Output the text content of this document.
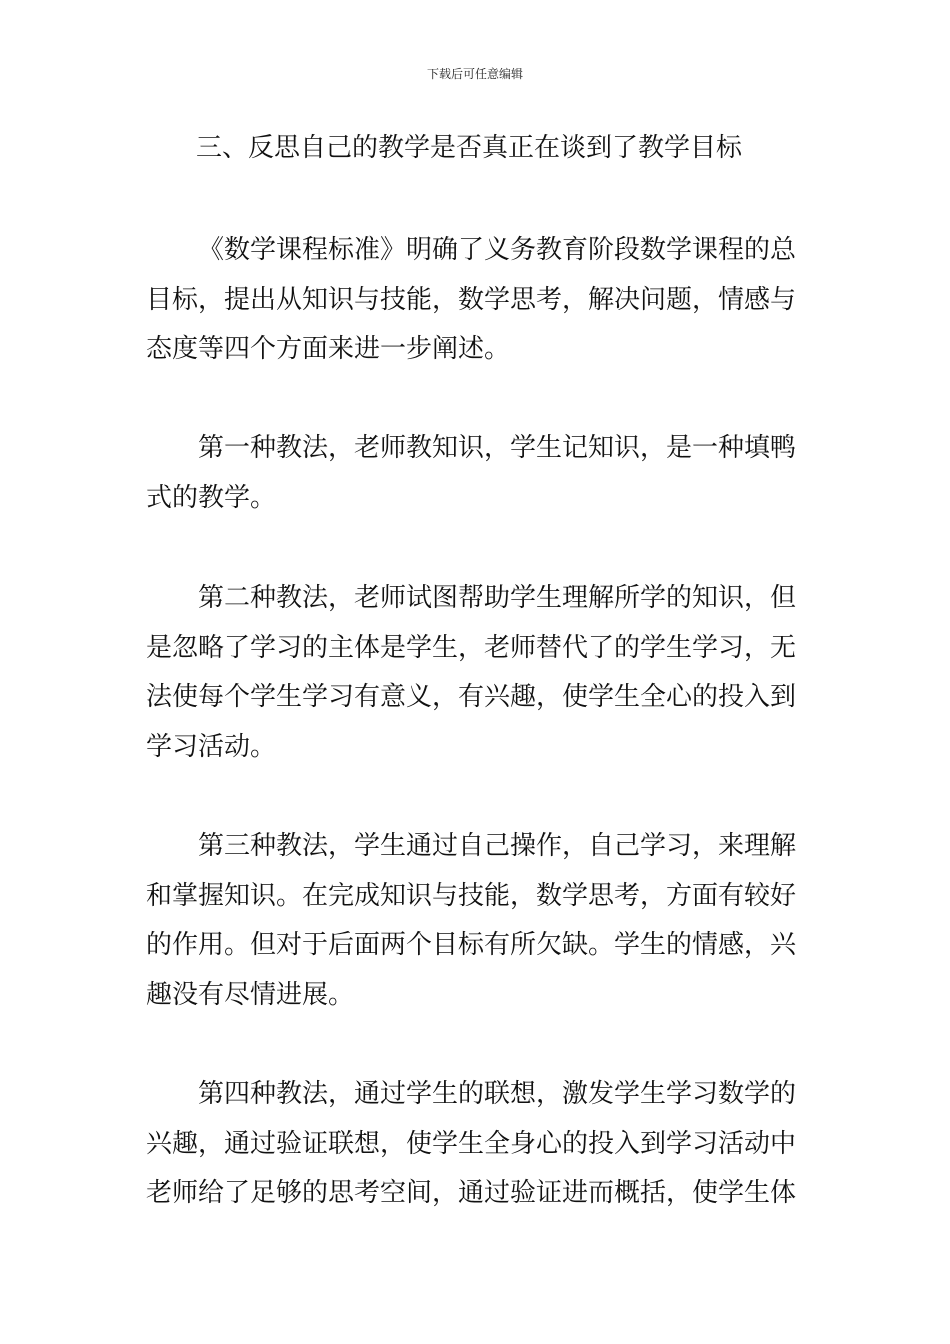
下载后可任意编辑
三、反思自己的教学是否真正在谈到了教学目标
《数学课程标准》明确了义务教育阶段数学课程的总
目标，提出从知识与技能，数学思考，解决问题，情感与
态度等四个方面来进一步阐述。
第一种教法，老师教知识，学生记知识，是一种填鸭
式的教学。
第二种教法，老师试图帮助学生理解所学的知识，但
是忽略了学习的主体是学生，老师替代了的学生学习，无
法使每个学生学习有意义，有兴趣，使学生全心的投入到
学习活动。
第三种教法，学生通过自己操作，自己学习，来理解
和掌握知识。在完成知识与技能，数学思考，方面有较好
的作用。但对于后面两个目标有所欠缺。学生的情感，兴
趣没有尽情进展。
第四种教法，通过学生的联想，激发学生学习数学的
兴趣，通过验证联想，使学生全身心的投入到学习活动中
老师给了足够的思考空间，通过验证进而概括，使学生体
